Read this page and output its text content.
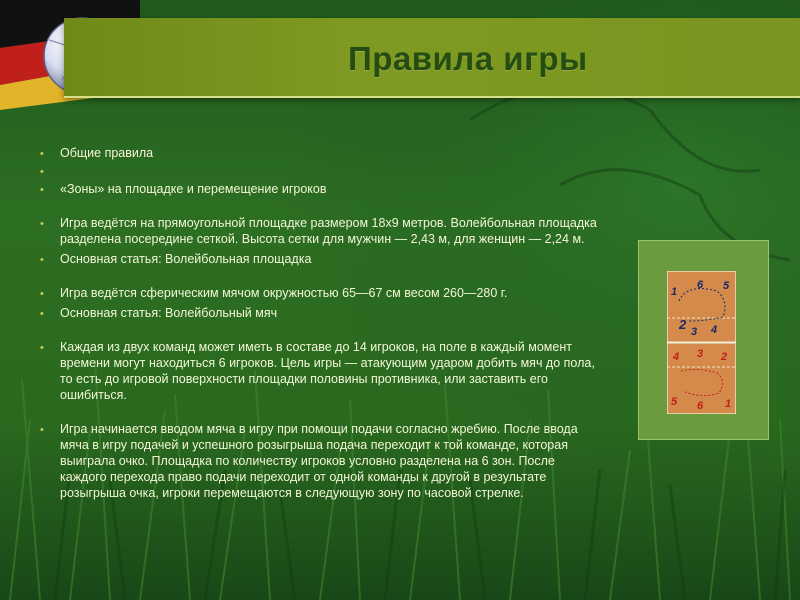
Правила игры
• Общие правила
•

• «Зоны» на площадке и перемещение игроков
• Игра ведётся на прямоугольной площадке размером 18x9 метров. Волейбольная площадка разделена посередине сеткой. Высота сетки для мужчин — 2,43 м, для женщин — 2,24 м.
• Основная статья: Волейбольная площадка
• Игра ведётся сферическим мячом окружностью 65—67 см весом 260—280 г.
• Основная статья: Волейбольный мяч
• Каждая из двух команд может иметь в составе до 14 игроков, на поле в каждый момент времени могут находиться 6 игроков. Цель игры — атакующим ударом добить мяч до пола, то есть до игровой поверхности площадки половины противника, или заставить его ошибиться.
• Игра начинается вводом мяча в игру при помощи подачи согласно жребию. После ввода мяча в игру подачей и успешного розыгрыша подача переходит к той команде, которая выиграла очко. Площадка по количеству игроков условно разделена на 6 зон. После каждого перехода право подачи переходит от одной команды к другой в результате розыгрыша очка, игроки перемещаются в следующую зону по часовой стрелке.
1
6 5
2 3 4
4 3 2
5 6 1
